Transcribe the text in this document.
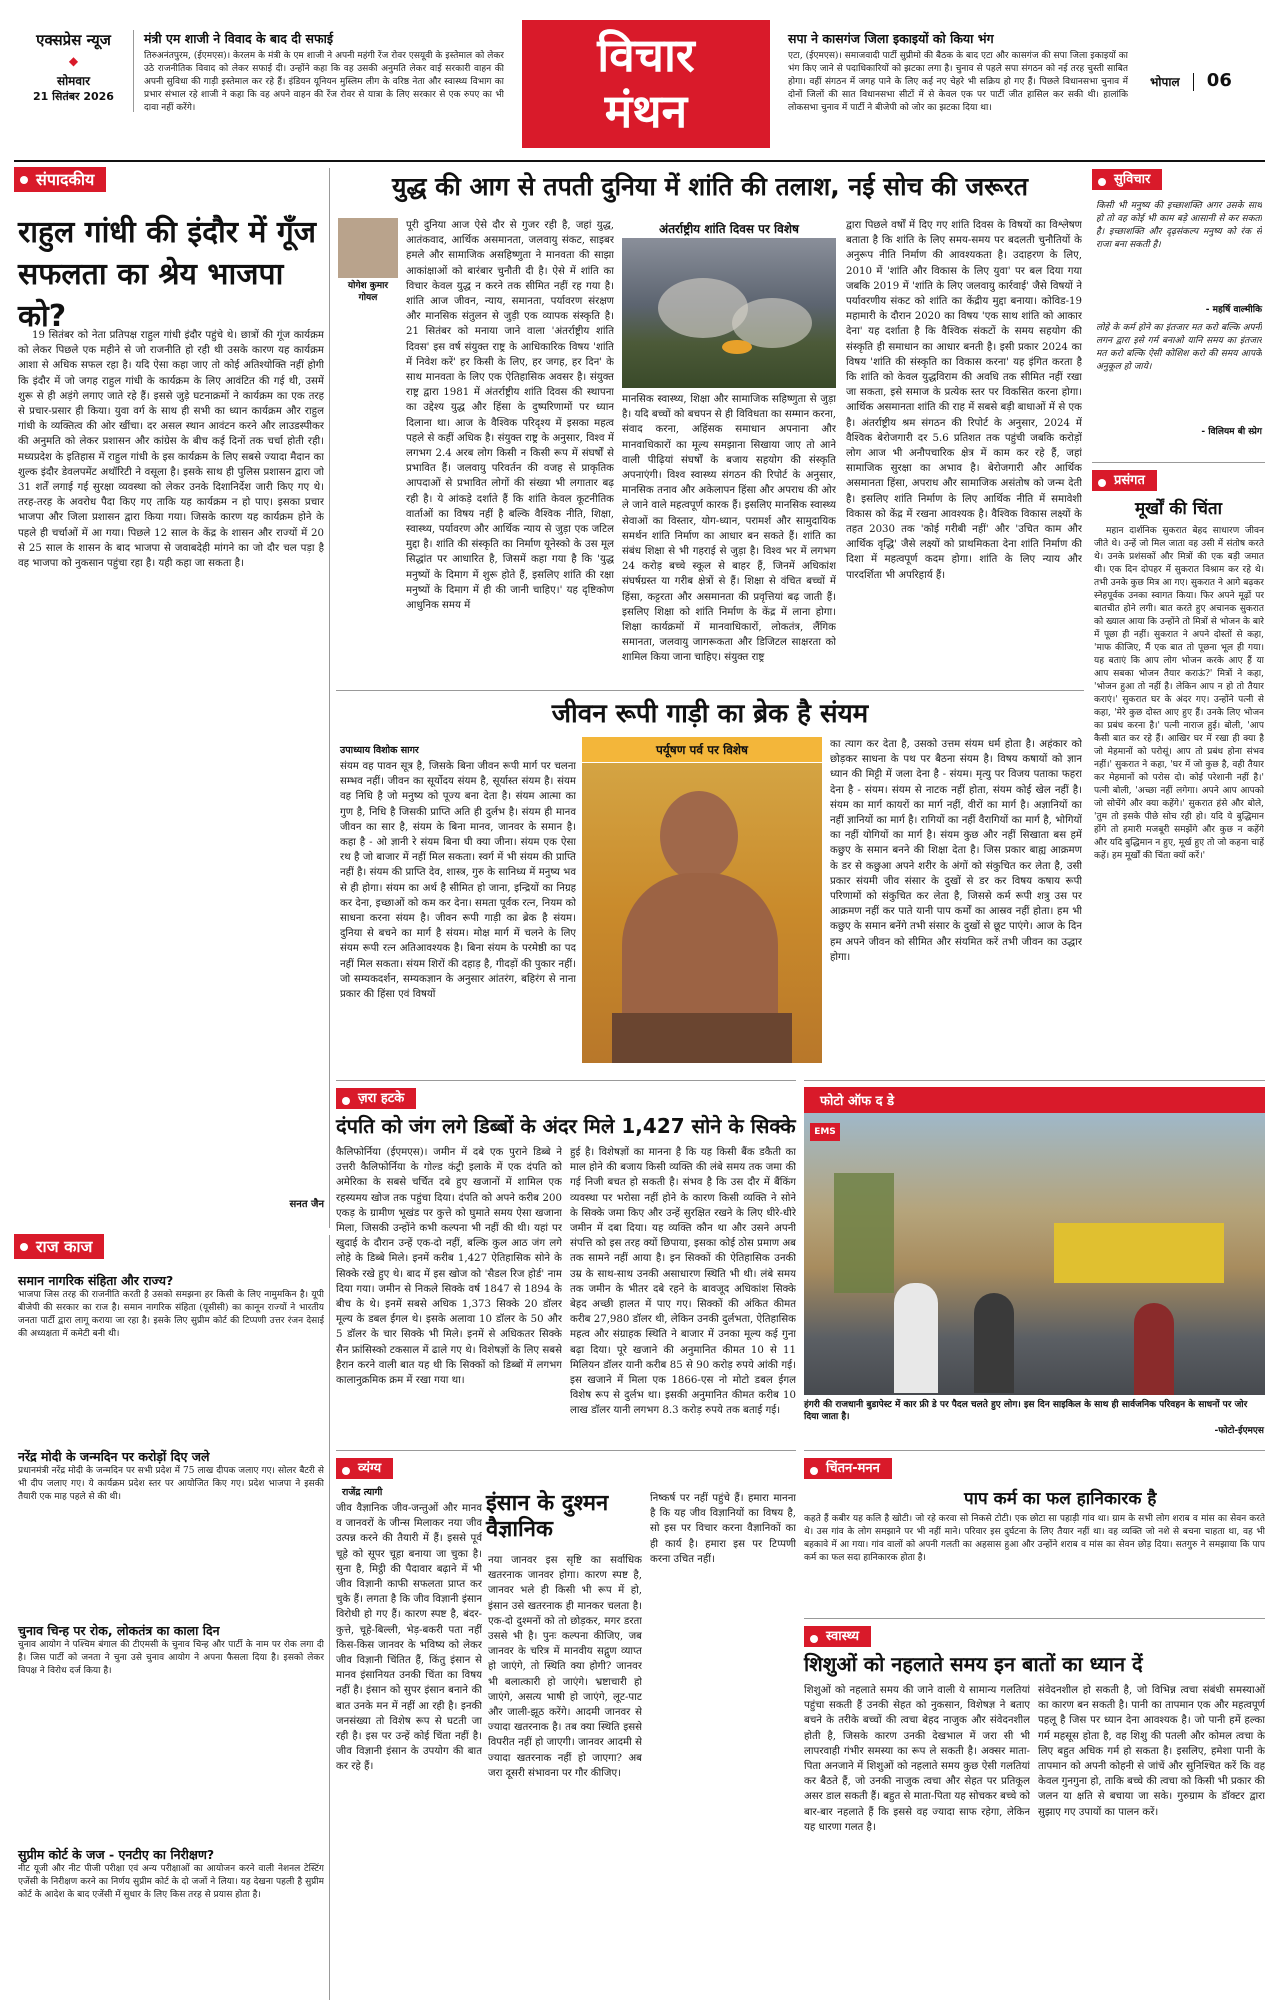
एक्सप्रेस न्यूज
◆
सोमवार
21 सितंबर 2026
मंत्री एम शाजी ने विवाद के बाद दी सफाई
तिरुअनंतपुरम, (ईएमएस)। केरलम के मंत्री के एम शाजी ने अपनी महंगी रेंज रोवर एसयूवी के इस्तेमाल को लेकर उठे राजनीतिक विवाद को लेकर सफाई दी। उन्होंने कहा कि वह उसकी अनुमति लेकर वाई सरकारी वाहन की अपनी सुविधा की गाड़ी इस्तेमाल कर रहे हैं। इंडियन यूनियन मुस्लिम लीग के वरिष्ठ नेता और स्वास्थ्य विभाग का प्रभार संभाल रहे शाजी ने कहा कि वह अपने वाहन की रेंज रोवर से यात्रा के लिए सरकार से एक रुपए का भी दावा नहीं करेंगे।
विचार
मंथन
सपा ने कासगंज जिला इकाइयों को किया भंग
एटा, (ईएमएस)। समाजवादी पार्टी सुप्रीमो की बैठक के बाद एटा और कासगंज की सपा जिला इकाइयों का भंग किए जाने से पदाधिकारियों को झटका लगा है। चुनाव से पहले सपा संगठन को नई तरह चुस्ती साबित होगा। वहीं संगठन में जगह पाने के लिए कई नए चेहरे भी सक्रिय हो गए हैं। पिछले विधानसभा चुनाव में दोनों जिलों की सात विधानसभा सीटों में से केवल एक पर पार्टी जीत हासिल कर सकी थी। हालांकि लोकसभा चुनाव में पार्टी ने बीजेपी को जोर का झटका दिया था।
भोपाल 06
संपादकीय
राहुल गांधी की इंदौर में गूँज सफलता का श्रेय भाजपा को?
19 सितंबर को नेता प्रतिपक्ष राहुल गांधी इंदौर पहुंचे थे। छात्रों की गूंज कार्यक्रम को लेकर पिछले एक महीने से जो राजनीति हो रही थी उसके कारण यह कार्यक्रम आशा से अधिक सफल रहा है। यदि ऐसा कहा जाए तो कोई अतिश्योक्ति नहीं होगी कि इंदौर में जो जगह राहुल गांधी के कार्यक्रम के लिए आवंटित की गई थी, उसमें शुरू से ही अड़ंगे लगाए जाते रहे हैं। इससे जुड़े घटनाक्रमों ने कार्यक्रम का एक तरह से प्रचार-प्रसार ही किया। युवा वर्ग के साथ ही सभी का ध्यान कार्यक्रम और राहुल गांधी के व्यक्तित्व की ओर खींचा। दर असल स्थान आवंटन करने और लाउडस्पीकर की अनुमति को लेकर प्रशासन और कांग्रेस के बीच कई दिनों तक चर्चा होती रही। मध्यप्रदेश के इतिहास में राहुल गांधी के इस कार्यक्रम के लिए सबसे ज्यादा मैदान का शुल्क इंदौर डेवलपमेंट अथॉरिटी ने वसूला है। इसके साथ ही पुलिस प्रशासन द्वारा जो 31 शर्तें लगाई गई सुरक्षा व्यवस्था को लेकर उनके दिशानिर्देश जारी किए गए थे। तरह-तरह के अवरोध पैदा किए गए ताकि यह कार्यक्रम न हो पाए। इसका प्रचार भाजपा और जिला प्रशासन द्वारा किया गया। जिसके कारण यह कार्यक्रम होने के पहले ही चर्चाओं में आ गया। पिछले 12 साल के केंद्र के शासन और राज्यों में 20 से 25 साल के शासन के बाद भाजपा से जवाबदेही मांगने का जो दौर चल पड़ा है वह भाजपा को नुकसान पहुंचा रहा है। यही कहा जा सकता है।
सनत जैन
राज काज
समान नागरिक संहिता और राज्य?
भाजपा जिस तरह की राजनीति करती है उसको समझना हर किसी के लिए नामुमकिन है। यूपी बीजेपी की सरकार का राज है। समान नागरिक संहिता (यूसीसी) का कानून राज्यों ने भारतीय जनता पार्टी द्वारा लागू कराया जा रहा है। इसके लिए सुप्रीम कोर्ट की टिप्पणी उत्तर रंजन देसाई की अध्यक्षता में कमेटी बनी थी।
नरेंद्र मोदी के जन्मदिन पर करोड़ों दिए जले
प्रधानमंत्री नरेंद्र मोदी के जन्मदिन पर सभी प्रदेश में 75 लाख दीपक जलाए गए। सोलर बैटरी से भी दीप जलाए गए। ये कार्यक्रम प्रदेश स्तर पर आयोजित किए गए। प्रदेश भाजपा ने इसकी तैयारी एक माह पहले से की थी।
चुनाव चिन्ह पर रोक, लोकतंत्र का काला दिन
चुनाव आयोग ने पश्चिम बंगाल की टीएमसी के चुनाव चिन्ह और पार्टी के नाम पर रोक लगा दी है। जिस पार्टी को जनता ने चुना उसे चुनाव आयोग ने अपना फैसला दिया है। इसको लेकर विपक्ष ने विरोध दर्ज किया है।
सुप्रीम कोर्ट के जज - एनटीए का निरीक्षण?
नीट यूजी और नीट पीजी परीक्षा एवं अन्य परीक्षाओं का आयोजन करने वाली नेशनल टेस्टिंग एजेंसी के निरीक्षण करने का निर्णय सुप्रीम कोर्ट के दो जजों ने लिया। यह देखना पहली है सुप्रीम कोर्ट के आदेश के बाद एजेंसी में सुधार के लिए किस तरह से प्रयास होता है।
युद्ध की आग से तपती दुनिया में शांति की तलाश, नई सोच की जरूरत
योगेश कुमार गोयल
पूरी दुनिया आज ऐसे दौर से गुजर रही है, जहां युद्ध, आतंकवाद, आर्थिक असमानता, जलवायु संकट, साइबर हमले और सामाजिक असहिष्णुता ने मानवता की साझा आकांक्षाओं को बारंबार चुनौती दी है। ऐसे में शांति का विचार केवल युद्ध न करने तक सीमित नहीं रह गया है। शांति आज जीवन, न्याय, समानता, पर्यावरण संरक्षण और मानसिक संतुलन से जुड़ी एक व्यापक संस्कृति है। 21 सितंबर को मनाया जाने वाला 'अंतर्राष्ट्रीय शांति दिवस' इस वर्ष संयुक्त राष्ट्र के आधिकारिक विषय 'शांति में निवेश करें' हर किसी के लिए, हर जगह, हर दिन' के साथ मानवता के लिए एक ऐतिहासिक अवसर है। संयुक्त राष्ट्र द्वारा 1981 में अंतर्राष्ट्रीय शांति दिवस की स्थापना का उद्देश्य युद्ध और हिंसा के दुष्परिणामों पर ध्यान दिलाना था। आज के वैश्विक परिदृश्य में इसका महत्व पहले से कहीं अधिक है। संयुक्त राष्ट्र के अनुसार, विश्व में लगभग 2.4 अरब लोग किसी न किसी रूप में संघर्षों से प्रभावित हैं। जलवायु परिवर्तन की वजह से प्राकृतिक आपदाओं से प्रभावित लोगों की संख्या भी लगातार बढ़ रही है। ये आंकड़े दर्शाते हैं कि शांति केवल कूटनीतिक वार्ताओं का विषय नहीं है बल्कि वैश्विक नीति, शिक्षा, स्वास्थ्य, पर्यावरण और आर्थिक न्याय से जुड़ा एक जटिल मुद्दा है। शांति की संस्कृति का निर्माण यूनेस्को के उस मूल सिद्धांत पर आधारित है, जिसमें कहा गया है कि 'युद्ध मनुष्यों के दिमाग में शुरू होते हैं, इसलिए शांति की रक्षा मनुष्यों के दिमाग में ही की जानी चाहिए।' यह दृष्टिकोण आधुनिक समय में
अंतर्राष्ट्रीय शांति दिवस पर विशेष
मानसिक स्वास्थ्य, शिक्षा और सामाजिक सहिष्णुता से जुड़ा है। यदि बच्चों को बचपन से ही विविधता का सम्मान करना, संवाद करना, अहिंसक समाधान अपनाना और मानवाधिकारों का मूल्य समझाना सिखाया जाए तो आने वाली पीढ़ियां संघर्षों के बजाय सहयोग की संस्कृति अपनाएंगी। विश्व स्वास्थ्य संगठन की रिपोर्ट के अनुसार, मानसिक तनाव और अकेलापन हिंसा और अपराध की ओर ले जाने वाले महत्वपूर्ण कारक हैं। इसलिए मानसिक स्वास्थ्य सेवाओं का विस्तार, योग-ध्यान, परामर्श और सामुदायिक समर्थन शांति निर्माण का आधार बन सकते हैं। शांति का संबंध शिक्षा से भी गहराई से जुड़ा है। विश्व भर में लगभग 24 करोड़ बच्चे स्कूल से बाहर हैं, जिनमें अधिकांश संघर्षग्रस्त या गरीब क्षेत्रों से हैं। शिक्षा से वंचित बच्चों में हिंसा, कट्टरता और असमानता की प्रवृत्तियां बढ़ जाती हैं। इसलिए शिक्षा को शांति निर्माण के केंद्र में लाना होगा। शिक्षा कार्यक्रमों में मानवाधिकारों, लोकतंत्र, लैंगिक समानता, जलवायु जागरूकता और डिजिटल साक्षरता को शामिल किया जाना चाहिए। संयुक्त राष्ट्र
द्वारा पिछले वर्षों में दिए गए शांति दिवस के विषयों का विश्लेषण बताता है कि शांति के लिए समय-समय पर बदलती चुनौतियों के अनुरूप नीति निर्माण की आवश्यकता है। उदाहरण के लिए, 2010 में 'शांति और विकास के लिए युवा' पर बल दिया गया जबकि 2019 में 'शांति के लिए जलवायु कार्रवाई' जैसे विषयों ने पर्यावरणीय संकट को शांति का केंद्रीय मुद्दा बनाया। कोविड-19 महामारी के दौरान 2020 का विषय 'एक साथ शांति को आकार देना' यह दर्शाता है कि वैश्विक संकटों के समय सहयोग की संस्कृति ही समाधान का आधार बनती है। इसी प्रकार 2024 का विषय 'शांति की संस्कृति का विकास करना' यह इंगित करता है कि शांति को केवल युद्धविराम की अवधि तक सीमित नहीं रखा जा सकता, इसे समाज के प्रत्येक स्तर पर विकसित करना होगा। आर्थिक असमानता शांति की राह में सबसे बड़ी बाधाओं में से एक है। अंतर्राष्ट्रीय श्रम संगठन की रिपोर्ट के अनुसार, 2024 में वैश्विक बेरोजगारी दर 5.6 प्रतिशत तक पहुंची जबकि करोड़ों लोग आज भी अनौपचारिक क्षेत्र में काम कर रहे हैं, जहां सामाजिक सुरक्षा का अभाव है। बेरोजगारी और आर्थिक असमानता हिंसा, अपराध और सामाजिक असंतोष को जन्म देती है। इसलिए शांति निर्माण के लिए आर्थिक नीति में समावेशी विकास को केंद्र में रखना आवश्यक है। वैश्विक विकास लक्ष्यों के तहत 2030 तक 'कोई गरीबी नहीं' और 'उचित काम और आर्थिक वृद्धि' जैसे लक्ष्यों को प्राथमिकता देना शांति निर्माण की दिशा में महत्वपूर्ण कदम होगा। शांति के लिए न्याय और पारदर्शिता भी अपरिहार्य हैं।
जीवन रूपी गाड़ी का ब्रेक है संयम
उपाध्याय विशोक सागर
संयम वह पावन सूत्र है, जिसके बिना जीवन रूपी मार्ग पर चलना सम्भव नहीं। जीवन का सूर्योदय संयम है, सूर्यास्त संयम है। संयम वह निधि है जो मनुष्य को पूज्य बना देता है। संयम आत्मा का गुण है, निधि है जिसकी प्राप्ति अति ही दुर्लभ है। संयम ही मानव जीवन का सार है, संयम के बिना मानव, जानवर के समान है। कहा है - ओ ज्ञानी रे संयम बिना घी क्या जीना। संयम एक ऐसा रथ है जो बाजार में नहीं मिल सकता। स्वर्ग में भी संयम की प्राप्ति नहीं है। संयम की प्राप्ति देव, शास्त्र, गुरु के सानिध्य में मनुष्य भव से ही होगा। संयम का अर्थ है सीमित हो जाना, इन्द्रियों का निग्रह कर देना, इच्छाओं को कम कर देना। समता पूर्वक रत्न, नियम को साधना करना संयम है। जीवन रूपी गाड़ी का ब्रेक है संयम। दुनिया से बचने का मार्ग है संयम। मोक्ष मार्ग में चलने के लिए संयम रूपी रत्न अतिआवश्यक है। बिना संयम के परमेष्ठी का पद नहीं मिल सकता। संयम शिरों की दहाड़ है, गीदड़ों की पुकार नहीं। जो सम्यकदर्शन, सम्यकज्ञान के अनुसार आंतरंग, बहिरंग से नाना प्रकार की हिंसा एवं विषयों
पर्यूषण पर्व पर विशेष	का त्याग कर देता है, उसको उत्तम संयम धर्म होता है। अहंकार को छोड़कर साधना के पथ पर बैठना संयम है। विषय कषायों को ज्ञान ध्यान की मिट्टी में जला देना है - संयम। मृत्यु पर विजय पताका फहरा देना है - संयम। संयम से नाटक नहीं होता, संयम कोई खेल नहीं है। संयम का मार्ग कायरों का मार्ग नहीं, वीरों का मार्ग है। अज्ञानियों का नहीं ज्ञानियों का मार्ग है। रागियों का नहीं वैरागियों का मार्ग है, भोगियों का नहीं योगियों का मार्ग है। संयम कुछ और नहीं सिखाता बस हमें कछुए के समान बनने की शिक्षा देता है। जिस प्रकार बाह्य आक्रमण के डर से कछुआ अपने शरीर के अंगों को संकुचित कर लेता है, उसी प्रकार संयमी जीव संसार के दुखों से डर कर विषय कषाय रूपी परिणामों को संकुचित कर लेता है, जिससे कर्म रूपी शत्रु उस पर आक्रमण नहीं कर पाते यानी पाप कर्मों का आस्रव नहीं होता। हम भी कछुए के समान बनेंगे तभी संसार के दुखों से छूट पाएंगे। आज के दिन हम अपने जीवन को सीमित और संयमित करें तभी जीवन का उद्धार होगा।
ज़रा हटके
दंपति को जंग लगे डिब्बों के अंदर मिले 1,427 सोने के सिक्के
कैलिफोर्निया (ईएमएस)। जमीन में दबे एक पुराने डिब्बे ने उत्तरी कैलिफोर्निया के गोल्ड कंट्री इलाके में एक दंपति को अमेरिका के सबसे चर्चित दबे हुए खजानों में शामिल एक रहस्यमय खोज तक पहुंचा दिया। दंपति को अपने करीब 200 एकड़ के ग्रामीण भूखंड पर कुत्ते को घुमाते समय ऐसा खजाना मिला, जिसकी उन्होंने कभी कल्पना भी नहीं की थी। यहां पर खुदाई के दौरान उन्हें एक-दो नहीं, बल्कि कुल आठ जंग लगे लोहे के डिब्बे मिले। इनमें करीब 1,427 ऐतिहासिक सोने के सिक्के रखे हुए थे। बाद में इस खोज को 'सैडल रिज होर्ड' नाम दिया गया। जमीन से निकले सिक्के वर्ष 1847 से 1894 के बीच के थे। इनमें सबसे अधिक 1,373 सिक्के 20 डॉलर मूल्य के डबल ईगल थे। इसके अलावा 10 डॉलर के 50 और 5 डॉलर के चार सिक्के भी मिले। इनमें से अधिकतर सिक्के सैन फ्रांसिस्को टकसाल में ढाले गए थे। विशेषज्ञों के लिए सबसे हैरान करने वाली बात यह थी कि सिक्कों को डिब्बों में लगभग कालानुक्रमिक क्रम में रखा गया था।
हुई है। विशेषज्ञों का मानना है कि यह किसी बैंक डकैती का माल होने की बजाय किसी व्यक्ति की लंबे समय तक जमा की गई निजी बचत हो सकती है। संभव है कि उस दौर में बैंकिंग व्यवस्था पर भरोसा नहीं होने के कारण किसी व्यक्ति ने सोने के सिक्के जमा किए और उन्हें सुरक्षित रखने के लिए धीरे-धीरे जमीन में दबा दिया। यह व्यक्ति कौन था और उसने अपनी संपत्ति को इस तरह क्यों छिपाया, इसका कोई ठोस प्रमाण अब तक सामने नहीं आया है। इन सिक्कों की ऐतिहासिक उनकी उम्र के साथ-साथ उनकी असाधारण स्थिति भी थी। लंबे समय तक जमीन के भीतर दबे रहने के बावजूद अधिकांश सिक्के बेहद अच्छी हालत में पाए गए। सिक्कों की अंकित कीमत करीब 27,980 डॉलर थी, लेकिन उनकी दुर्लभता, ऐतिहासिक महत्व और संग्राहक स्थिति ने बाजार में उनका मूल्य कई गुना बढ़ा दिया। पूरे खजाने की अनुमानित कीमत 10 से 11 मिलियन डॉलर यानी करीब 85 से 90 करोड़ रुपये आंकी गई। इस खजाने में मिला एक 1866-एस नो मोटो डबल ईगल विशेष रूप से दुर्लभ था। इसकी अनुमानित कीमत करीब 10 लाख डॉलर यानी लगभग 8.3 करोड़ रुपये तक बताई गई।
फोटो ऑफ द डे
EMS
हंगरी की राजधानी बुडापेस्ट में कार फ्री डे पर पैदल चलते हुए लोग। इस दिन साइकिल के साथ ही सार्वजनिक परिवहन के साधनों पर जोर दिया जाता है।
-फोटो-ईएमएस
व्यंग्य
राजेंद्र त्यागी	इंसान के दुश्मन वैज्ञानिक
जीव वैज्ञानिक जीव-जन्तुओं और मानव व जानवरों के जीन्स मिलाकर नया जीव उत्पन्न करने की तैयारी में हैं। इससे पूर्व चूहे को सूपर चूहा बनाया जा चुका है। सुना है, मिट्ठी की पैदावार बढ़ाने में भी जीव विज्ञानी काफी सफलता प्राप्त कर चुके हैं। लगता है कि जीव विज्ञानी इंसान विरोधी हो गए हैं। कारण स्पष्ट है, बंदर-कुत्ते, चूहे-बिल्ली, भेड़-बकरी पता नहीं किस-किस जानवर के भविष्य को लेकर जीव विज्ञानी चिंतित हैं, किंतु इंसान से मानव इंसानियत उनकी चिंता का विषय नहीं है। इंसान को सुपर इंसान बनाने की बात उनके मन में नहीं आ रही है। इनकी जनसंख्या तो विशेष रूप से घटती जा रही है। इस पर उन्हें कोई चिंता नहीं है। जीव विज्ञानी इंसान के उपयोग की बात कर रहे हैं।
नया जानवर इस सृष्टि का सर्वाधिक खतरनाक जानवर होगा। कारण स्पष्ट है, जानवर भले ही किसी भी रूप में हो, इंसान उसे खतरनाक ही मानकर चलता है। एक-दो दुश्मनों को तो छोड़कर, मगर डरता उससे भी है। पुनः कल्पना कीजिए, जब जानवर के चरित्र में मानवीय सद्गुण व्याप्त हो जाएंगे, तो स्थिति क्या होगी? जानवर भी बलात्कारी हो जाएंगे। भ्रष्टाचारी हो जाएंगे, असत्य भाषी हो जाएंगे, लूट-पाट और जाली-झूठ करेंगे। आदमी जानवर से ज्यादा खतरनाक है। तब क्या स्थिति इससे विपरीत नहीं हो जाएगी। जानवर आदमी से ज्यादा खतरनाक नहीं हो जाएगा? अब जरा दूसरी संभावना पर गौर कीजिए।
निष्कर्ष पर नहीं पहुंचे हैं। हमारा मानना है कि यह जीव विज्ञानियों का विषय है, सो इस पर विचार करना वैज्ञानिकों का ही कार्य है। हमारा इस पर टिप्पणी करना उचित नहीं।
सुविचार
किसी भी मनुष्य की इच्छाशक्ति अगर उसके साथ हो तो वह कोई भी काम बड़े आसानी से कर सकता है। इच्छाशक्ति और दृढ़संकल्प मनुष्य को रंक से राजा बना सकती है।
- महर्षि वाल्मीकि
लोहे के कर्म होने का इंतजार मत करो बल्कि अपनी लगन द्वारा इसे गर्म बनाओ यानि समय का इंतजार मत करो बल्कि ऐसी कोशिश करो की समय आपके अनुकूल हो जाये।
- विलियम बी स्प्रेग
प्रसंगत
मूर्खों की चिंता
महान दार्शनिक सुकरात बेहद साधारण जीवन जीते थे। उन्हें जो मिल जाता वह उसी में संतोष करते थे। उनके प्रशंसकों और मित्रों की एक बड़ी जमात थी। एक दिन दोपहर में सुकरात विश्राम कर रहे थे। तभी उनके कुछ मित्र आ गए। सुकरात ने आगे बढ़कर स्नेहपूर्वक उनका स्वागत किया। फिर अपने मूढ़ों पर बातचीत होने लगी। बात करते हुए अचानक सुकरात को ख्याल आया कि उन्होंने तो मित्रों से भोजन के बारे में पूछा ही नहीं। सुकरात ने अपने दोस्तों से कहा, 'माफ कीजिए, मैं एक बात तो पूछना भूल ही गया। यह बताएं कि आप लोग भोजन करके आए हैं या आप सबका भोजन तैयार कराऊं?' मित्रों ने कहा, 'भोजन हुआ तो नहीं है। लेकिन आप न हो तो तैयार कराएं।' सुकरात घर के अंदर गए। उन्होंने पत्नी से कहा, 'मेरे कुछ दोस्त आए हुए हैं। उनके लिए भोजन का प्रबंध करना है।' पत्नी नाराज हुई। बोली, 'आप कैसी बात कर रहे हैं। आखिर घर में रखा ही क्या है जो मेहमानों को परोसूं। आप तो प्रबंध होना संभव नहीं।' सुकरात ने कहा, 'घर में जो कुछ है, वही तैयार कर मेहमानों को परोस दो। कोई परेशानी नहीं है।' पत्नी बोली, 'अच्छा नहीं लगेगा। अपने आप आपको जो सोचेंगे और क्या कहेंगे।' सुकरात हंसे और बोले, 'तुम तो इसके पीछे सोच रही हो। यदि ये बुद्धिमान होंगे तो हमारी मजबूरी समझेंगे और कुछ न कहेंगे और यदि बुद्धिमान न हुए, मूर्ख हुए तो जो कहना चाहें कहें। हम मूर्खों की चिंता क्यों करें।'
चिंतन-मनन
पाप कर्म का फल हानिकारक है
कहते हैं कबीर यह कलि है खोटी। जो रहे करवा सो निकसे टोटी। एक छोटा सा पहाड़ी गांव था। ग्राम के सभी लोग शराब व मांस का सेवन करते थे। उस गांव के लोग समझाने पर भी नहीं माने। परिवार इस दुर्घटना के लिए तैयार नहीं था। वह व्यक्ति जो नशे से बचना चाहता था, वह भी बहकावे में आ गया। गांव वालों को अपनी गलती का अहसास हुआ और उन्होंने शराब व मांस का सेवन छोड़ दिया। सतगुरु ने समझाया कि पाप कर्म का फल सदा हानिकारक होता है।
स्वास्थ्य
शिशुओं को नहलाते समय इन बातों का ध्यान दें
शिशुओं को नहलाते समय की जाने वाली ये सामान्य गलतियां पहुंचा सकती हैं उनकी सेहत को नुकसान, विशेषज्ञ ने बताए बचने के तरीके बच्चों की त्वचा बेहद नाजुक और संवेदनशील होती है, जिसके कारण उनकी देखभाल में जरा सी भी लापरवाही गंभीर समस्या का रूप ले सकती है। अक्सर माता-पिता अनजाने में शिशुओं को नहलाते समय कुछ ऐसी गलतियां कर बैठते हैं, जो उनकी नाजुक त्वचा और सेहत पर प्रतिकूल असर डाल सकती हैं। बहुत से माता-पिता यह सोचकर बच्चे को बार-बार नहलाते हैं कि इससे वह ज्यादा साफ रहेगा, लेकिन यह धारणा गलत है।
संवेदनशील हो सकती है, जो विभिन्न त्वचा संबंधी समस्याओं का कारण बन सकती है। पानी का तापमान एक और महत्वपूर्ण पहलू है जिस पर ध्यान देना आवश्यक है। जो पानी हमें हल्का गर्म महसूस होता है, वह शिशु की पतली और कोमल त्वचा के लिए बहुत अधिक गर्म हो सकता है। इसलिए, हमेशा पानी के तापमान को अपनी कोहनी से जांचें और सुनिश्चित करें कि वह केवल गुनगुना हो, ताकि बच्चे की त्वचा को किसी भी प्रकार की जलन या क्षति से बचाया जा सके। गुरुग्राम के डॉक्टर द्वारा सुझाए गए उपायों का पालन करें।
